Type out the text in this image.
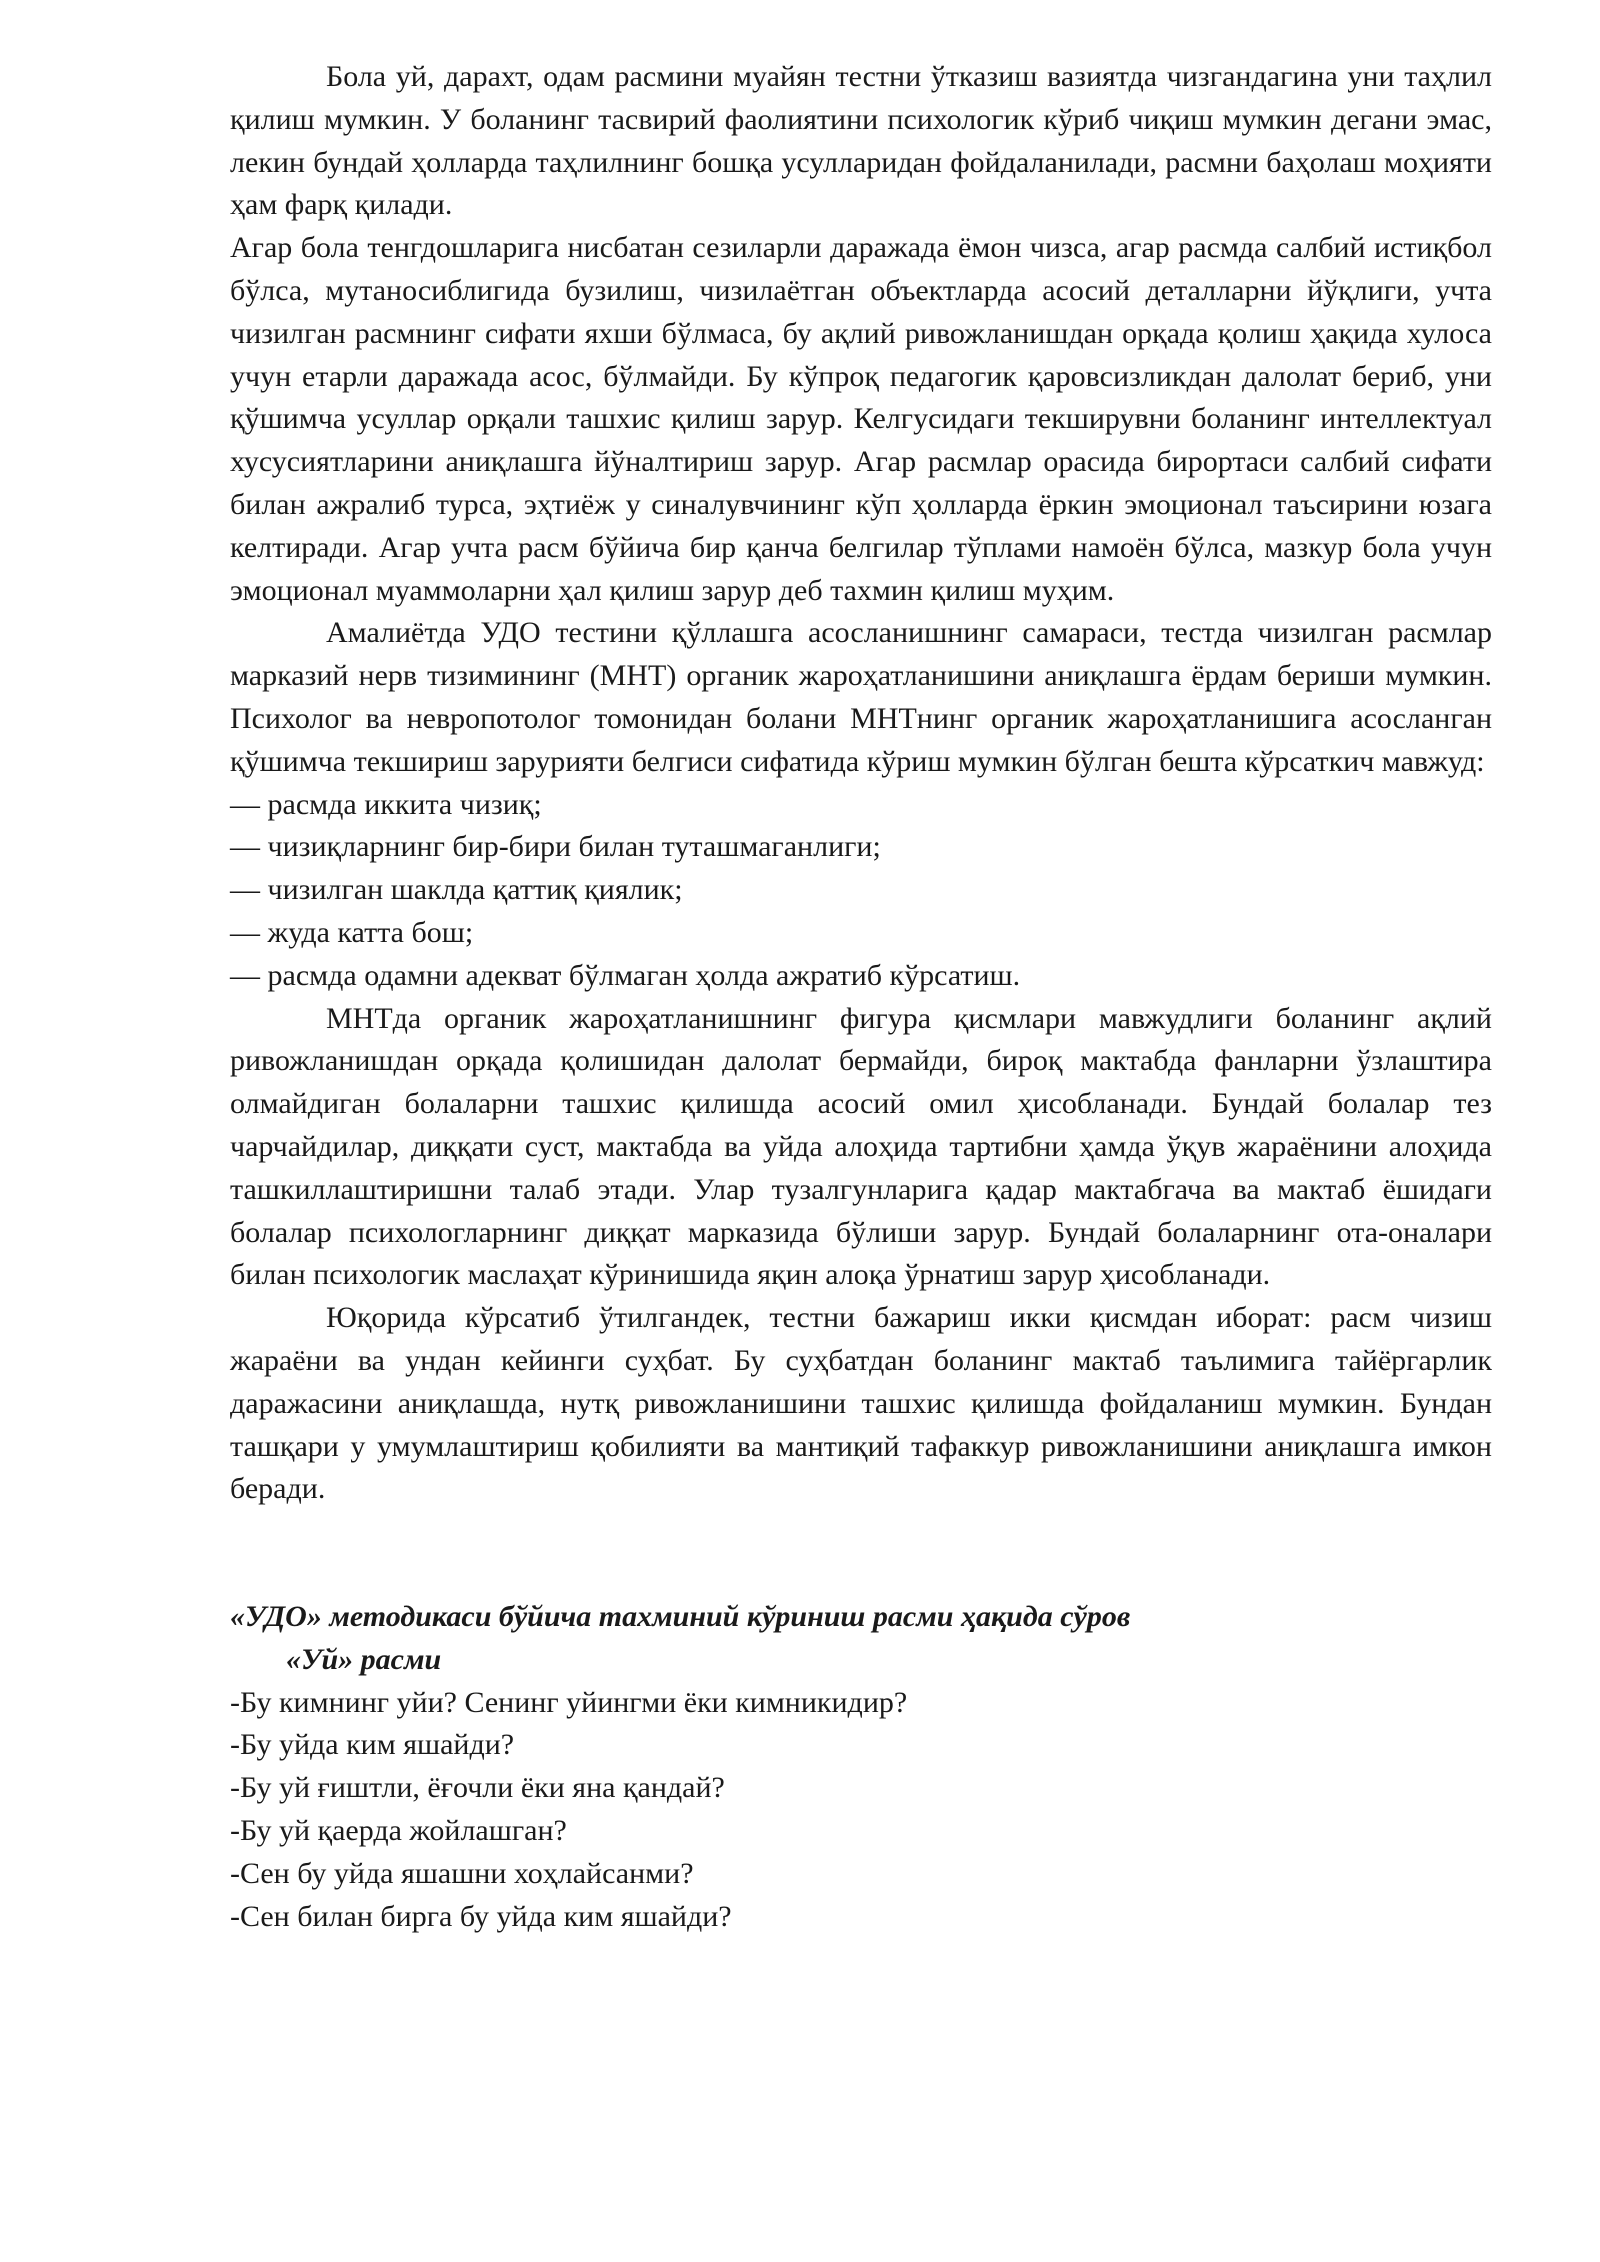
Бола уй, дарахт, одам расмини муайян тестни ўтказиш вазиятда чизгандагина уни таҳлил қилиш мумкин. У боланинг тасвирий фаолиятини психологик кўриб чиқиш мумкин дегани эмас, лекин бундай ҳолларда таҳлилнинг бошқа усулларидан фойдаланилади, расмни баҳолаш моҳияти ҳам фарқ қилади.

Агар бола тенгдошларига нисбатан сезиларли даражада ёмон чизса, агар расмда салбий истиқбол бўлса, мутаносиблигида бузилиш, чизилаётган объектларда асосий деталларни йўқлиги, учта чизилган расмнинг сифати яхши бўлмаса, бу ақлий ривожланишдан орқада қолиш ҳақида хулоса учун етарли даражада асос, бўлмайди. Бу кўпроқ педагогик қаровсизликдан далолат бериб, уни қўшимча усуллар орқали ташхис қилиш зарур. Келгусидаги текширувни боланинг интеллектуал хусусиятларини аниқлашга йўналтириш зарур. Агар расмлар орасида бирортаси салбий сифати билан ажралиб турса, эҳтиёж у синалувчининг кўп ҳолларда ёркин эмоционал таъсирини юзага келтиради. Агар учта расм бўйича бир қанча белгилар тўплами намоён бўлса, мазкур бола учун эмоционал муаммоларни ҳал қилиш зарур деб тахмин қилиш муҳим.

Амалиётда УДО тестини қўллашга асосланишнинг самараси, тестда чизилган расмлар марказий нерв тизимининг (МНТ) органик жароҳатланишини аниқлашга ёрдам бериши мумкин. Психолог ва невропотолог томонидан болани МНТнинг органик жароҳатланишига асосланган қўшимча текшириш зарурияти белгиси сифатида кўриш мумкин бўлган бешта кўрсаткич мавжуд:

— расмда иккита чизиқ;

— чизиқларнинг бир-бири билан туташмаганлиги;

— чизилган шаклда қаттиқ қиялик;

— жуда катта бош;

— расмда одамни адекват бўлмаган ҳолда ажратиб кўрсатиш.

МНТда органик жароҳатланишнинг фигура қисмлари мавжудлиги боланинг ақлий ривожланишдан орқада қолишидан далолат бермайди, бироқ мактабда фанларни ўзлаштира олмайдиган болаларни ташхис қилишда асосий омил ҳисобланади. Бундай болалар тез чарчайдилар, диққати суст, мактабда ва уйда алоҳида тартибни ҳамда ўқув жараёнини алоҳида ташкиллаштиришни талаб этади. Улар тузалгунларига қадар мактабгача ва мактаб ёшидаги болалар психологларнинг диққат марказида бўлиши зарур. Бундай болаларнинг ота-оналари билан психологик маслаҳат кўринишида яқин алоқа ўрнатиш зарур ҳисобланади.

Юқорида кўрсатиб ўтилгандек, тестни бажариш икки қисмдан иборат: расм чизиш жараёни ва ундан кейинги суҳбат. Бу суҳбатдан боланинг мактаб таълимига тайёргарлик даражасини аниқлашда, нутқ ривожланишини ташхис қилишда фойдаланиш мумкин. Бундан ташқари у умумлаштириш қобилияти ва мантиқий тафаккур ривожланишини аниқлашга имкон беради.

«УДО» методикаси бўйича тахминий кўриниш расми ҳақида сўров

«Уй» расми

-Бу кимнинг уйи? Сенинг уйингми ёки кимникидир?

-Бу уйда ким яшайди?

-Бу уй ғиштли, ёғочли ёки яна қандай?

-Бу уй қаерда жойлашган?

-Сен бу уйда яшашни хоҳлайсанми?

-Сен билан бирга бу уйда ким яшайди?
